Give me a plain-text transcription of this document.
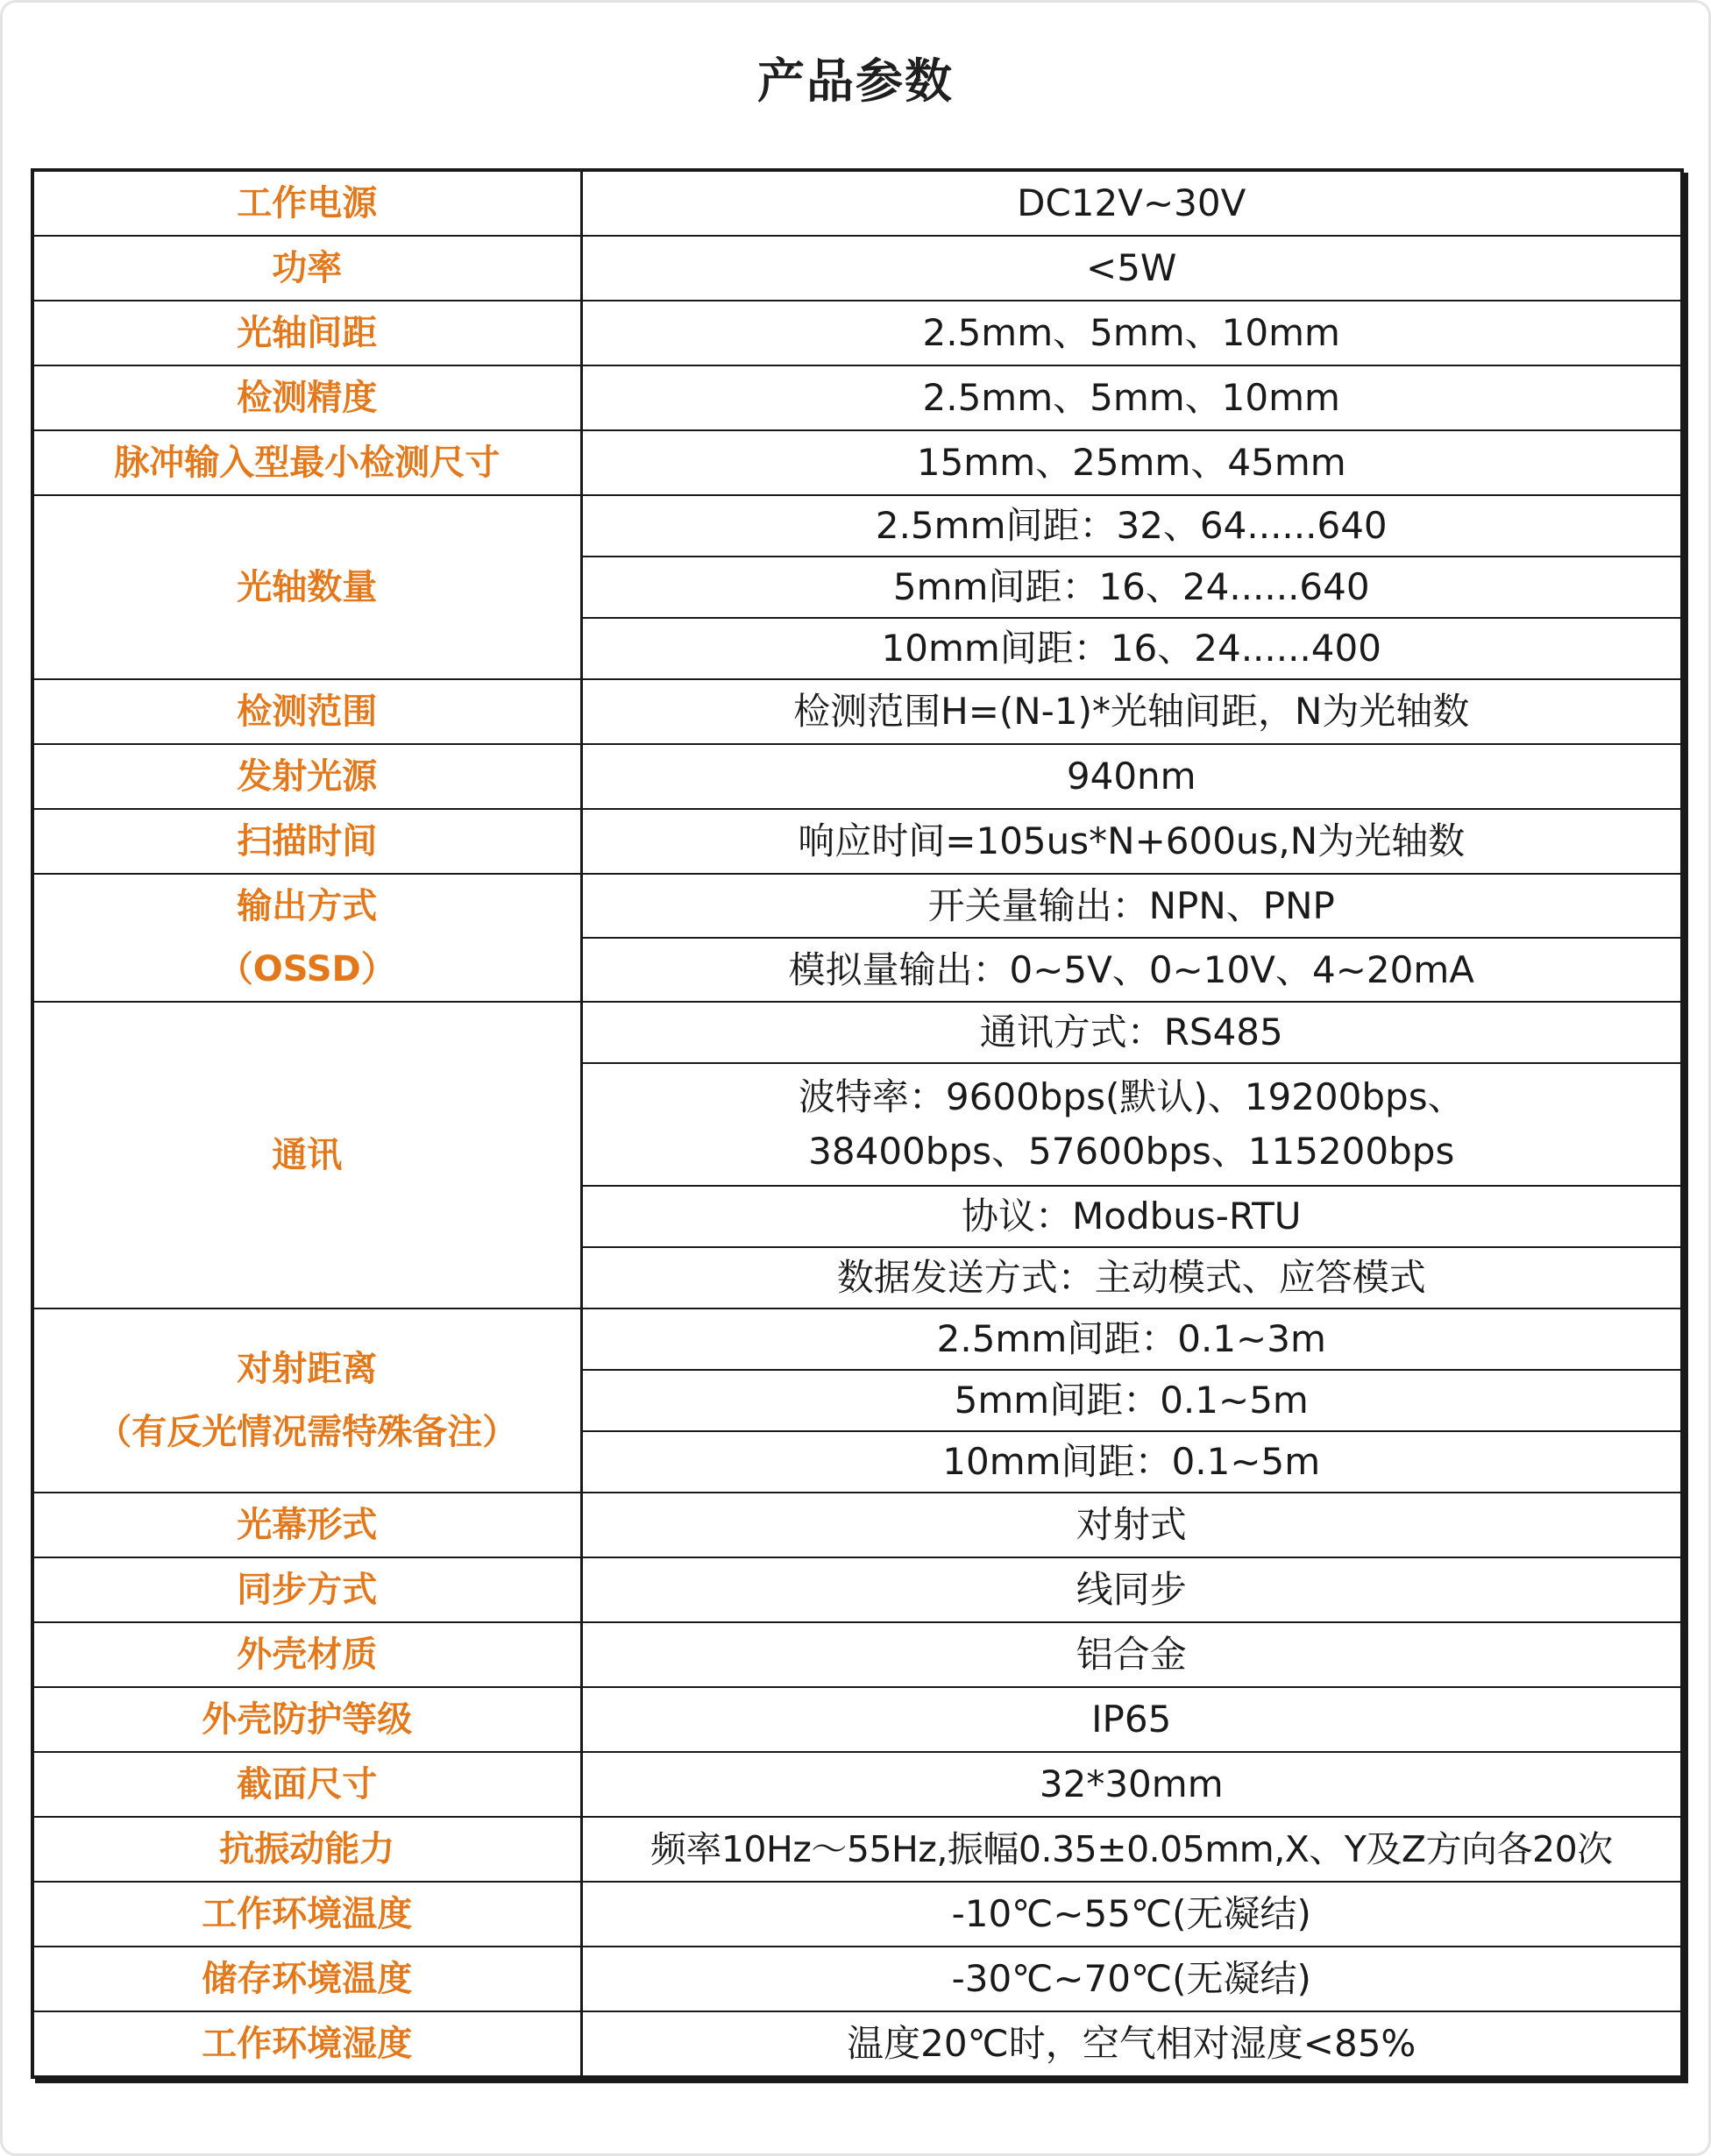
产品参数
工作电源	DC12V~30V
功率	<5W
光轴间距	2.5mm、5mm、10mm
检测精度	2.5mm、5mm、10mm
脉冲输入型最小检测尺寸	15mm、25mm、45mm
光轴数量	2.5mm间距：32、64......640
	5mm间距：16、24......640
	10mm间距：16、24......400
检测范围	检测范围H=(N-1)*光轴间距，N为光轴数
发射光源	940nm
扫描时间	响应时间=105us*N+600us,N为光轴数

输出方式
（OSSD）	开关量输出：NPN、PNP
	模拟量输出：0~5V、0~10V、4~20mA
通讯	通讯方式：RS485

	波特率：9600bps(默认)、19200bps、
38400bps、57600bps、115200bps

	协议：Modbus-RTU
	数据发送方式：主动模式、应答模式

对射距离
（有反光情况需特殊备注）	2.5mm间距：0.1~3m
	5mm间距：0.1~5m
	10mm间距：0.1~5m
光幕形式	对射式
同步方式	线同步
外壳材质	铝合金
外壳防护等级	IP65
截面尺寸	32*30mm
抗振动能力	频率10Hz～55Hz,振幅0.35±0.05mm,X、Y及Z方向各20次
工作环境温度	-10℃~55℃(无凝结)
储存环境温度	-30℃~70℃(无凝结)
工作环境湿度	温度20℃时，空气相对湿度<85%
